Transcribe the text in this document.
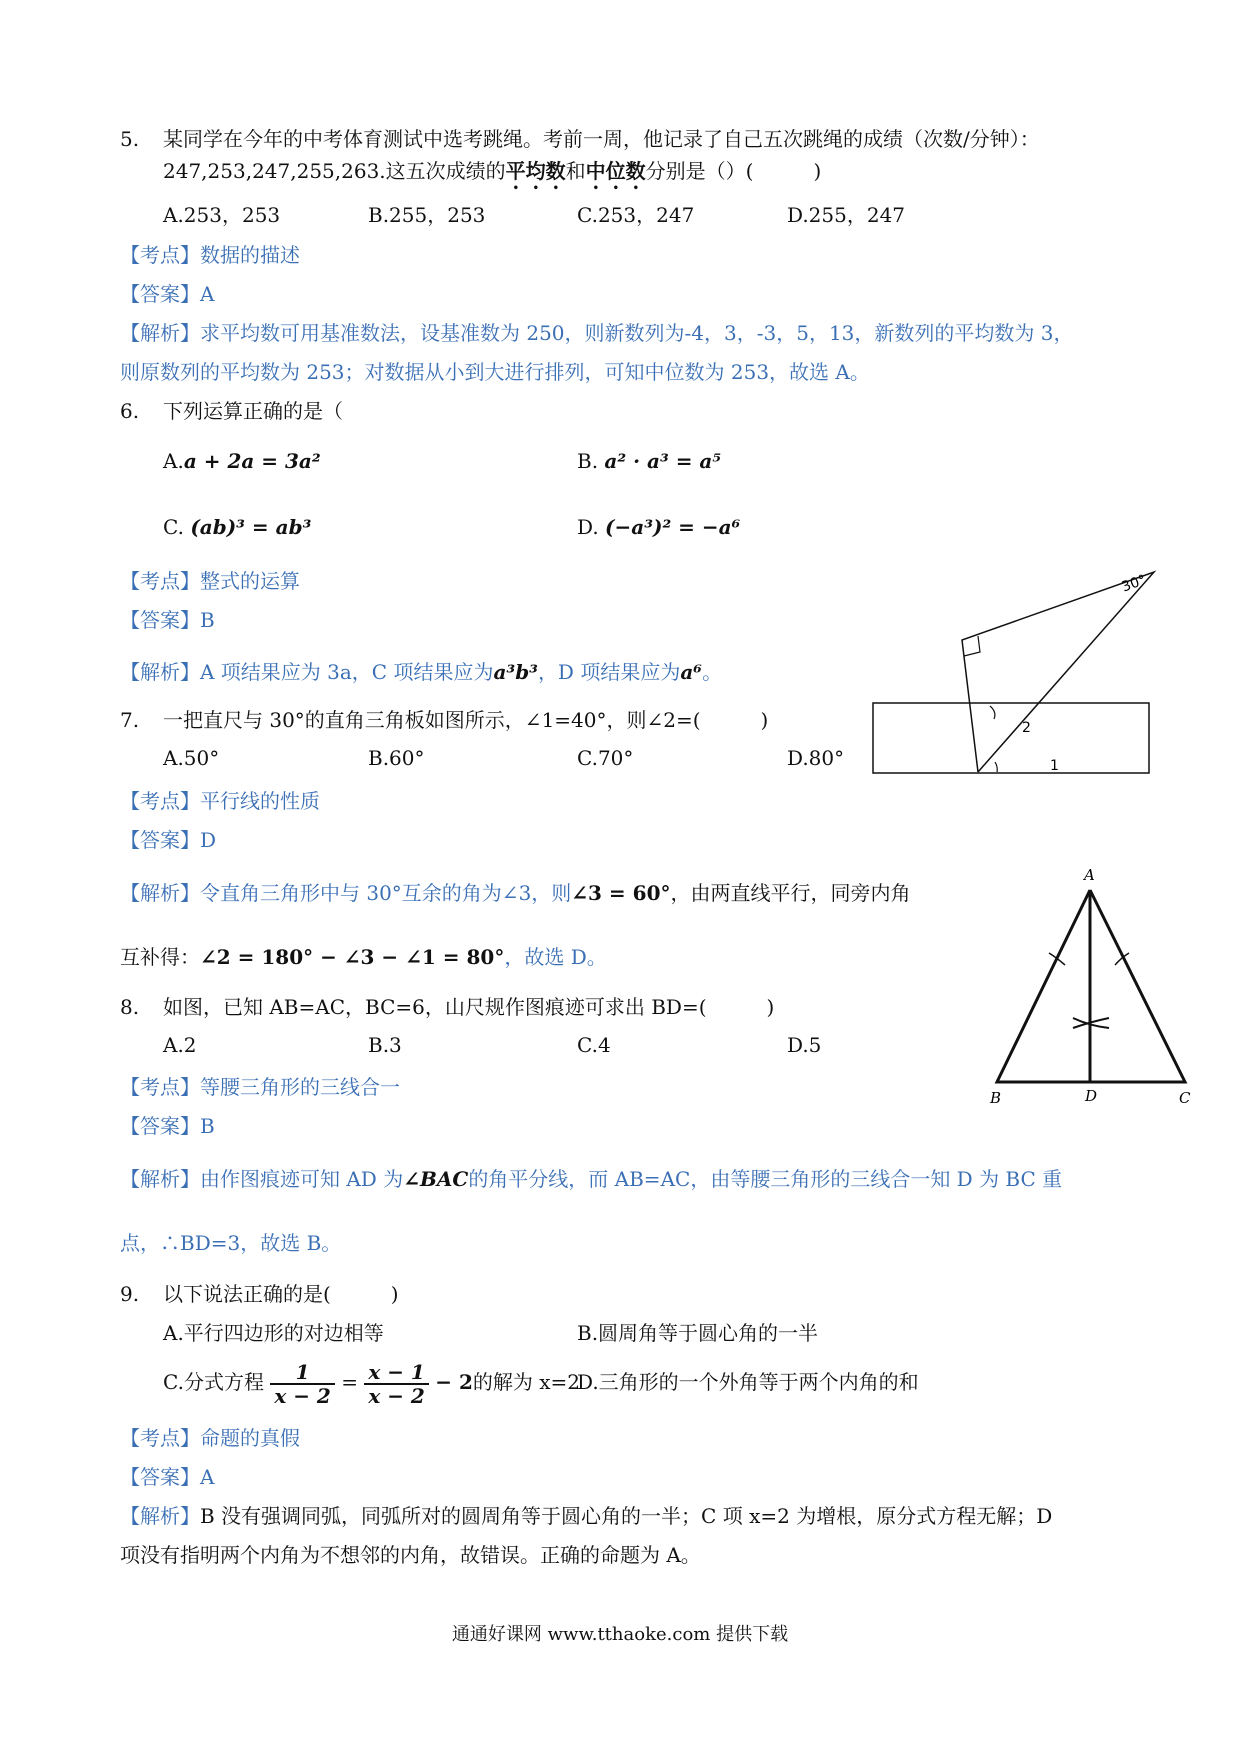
5. 某同学在今年的中考体育测试中选考跳绳。考前一周，他记录了自己五次跳绳的成绩（次数/分钟）：
247,253,247,255,263.这五次成绩的平均数和中位数分别是（）(　　　)
A.253，253	B.255，253	C.253，247	D.255，247
【考点】数据的描述
【答案】A
【解析】求平均数可用基准数法，设基准数为 250，则新数列为-4，3，-3，5，13，新数列的平均数为 3，
则原数列的平均数为 253；对数据从小到大进行排列，可知中位数为 253，故选 A。
6. 下列运算正确的是（
A.a + 2a = 3a²	B. a² · a³ = a⁵
C. (ab)³ = ab³	D. (−a³)² = −a⁶
【考点】整式的运算
【答案】B
【解析】A 项结果应为 3a，C 项结果应为a³b³，D 项结果应为a⁶。
30°
2
1
7. 一把直尺与 30°的直角三角板如图所示，∠1=40°，则∠2=(　　　)
A.50°	B.60°	C.70°	D.80°
【考点】平行线的性质
【答案】D
【解析】令直角三角形中与 30°互余的角为∠3，则∠3 = 60°，由两直线平行，同旁内角
互补得：∠2 = 180° − ∠3 − ∠1 = 80°，故选 D。
A
B	D	C
8. 如图，已知 AB=AC，BC=6，山尺规作图痕迹可求出 BD=(　　　)
A.2	B.3	C.4	D.5
【考点】等腰三角形的三线合一
【答案】B
【解析】由作图痕迹可知 AD 为∠BAC的角平分线，而 AB=AC，由等腰三角形的三线合一知 D 为 BC 重
点，∴BD=3，故选 B。
9. 以下说法正确的是(　　　)
A.平行四边形的对边相等	B.圆周角等于圆心角的一半
C.分式方程 $\frac{1}{x - 2} = \frac{x - 1}{x - 2} - 2$的解为 x=2
D.三角形的一个外角等于两个内角的和
【考点】命题的真假
【答案】A
【解析】B 没有强调同弧，同弧所对的圆周角等于圆心角的一半；C 项 x=2 为增根，原分式方程无解；D
项没有指明两个内角为不想邻的内角，故错误。正确的命题为 A。
通通好课网 www.tthaoke.com 提供下载
